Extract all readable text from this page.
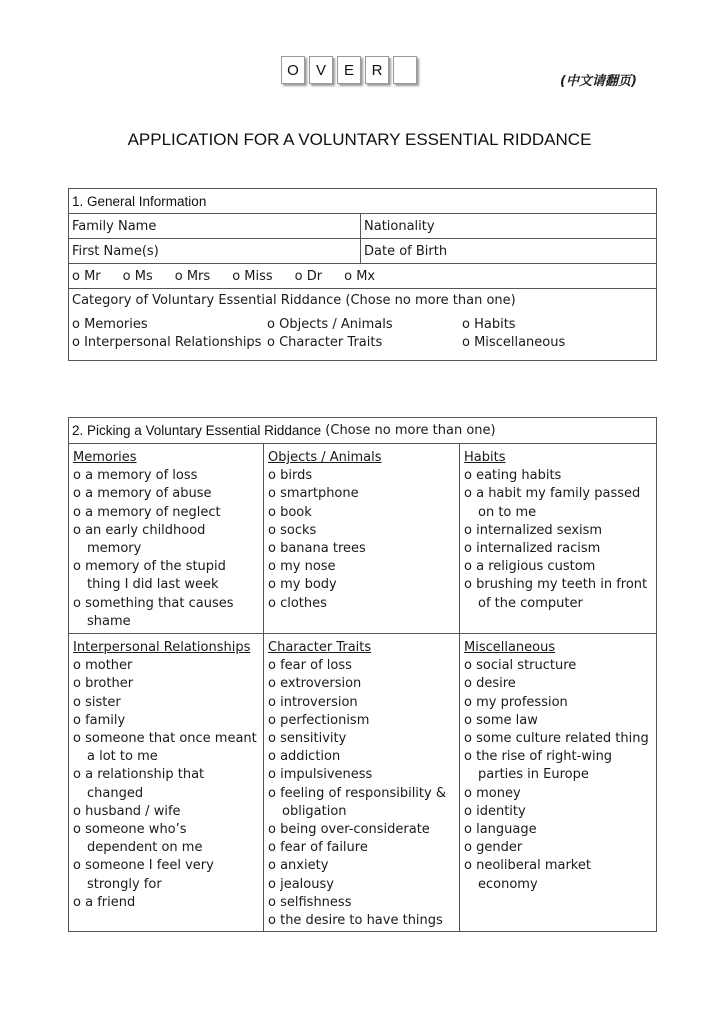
O	V	E	R
(中文请翻页)
APPLICATION FOR A VOLUNTARY ESSENTIAL RIDDANCE
1. General Information
Family Name	Nationality
First Name(s)	Date of Birth
o Mr o Ms o Mrs o Miss o Dr o Mx
Category of Voluntary Essential Riddance (Chose no more than one)
o Memories	o Objects / Animals	o Habits
o Interpersonal Relationships o Character Traits	o Miscellaneous
2. Picking a Voluntary Essential Riddance
(Chose no more than one)
Memories
o a memory of loss
o a memory of abuse
o a memory of neglect
o an early childhood memory
o memory of the stupid thing I did last week
o something that causes shame
Objects / Animals
o birds
o smartphone
o book
o socks
o banana trees
o my nose
o my body
o clothes
Habits
o eating habits
o a habit my family passed on to me
o internalized sexism
o internalized racism
o a religious custom
o brushing my teeth in front of the computer
Interpersonal Relationships
o mother
o brother
o sister
o family
o someone that once meant a lot to me
o a relationship that changed
o husband / wife
o someone who’s dependent on me
o someone I feel very strongly for
o a friend
Character Traits
o fear of loss
o extroversion
o introversion
o perfectionism
o sensitivity
o addiction
o impulsiveness
o feeling of responsibility & obligation
o being over-considerate
o fear of failure
o anxiety
o jealousy
o selfishness
o the desire to have things
Miscellaneous
o social structure
o desire
o my profession
o some law
o some culture related thing
o the rise of right-wing parties in Europe
o money
o identity
o language
o gender
o neoliberal market economy
